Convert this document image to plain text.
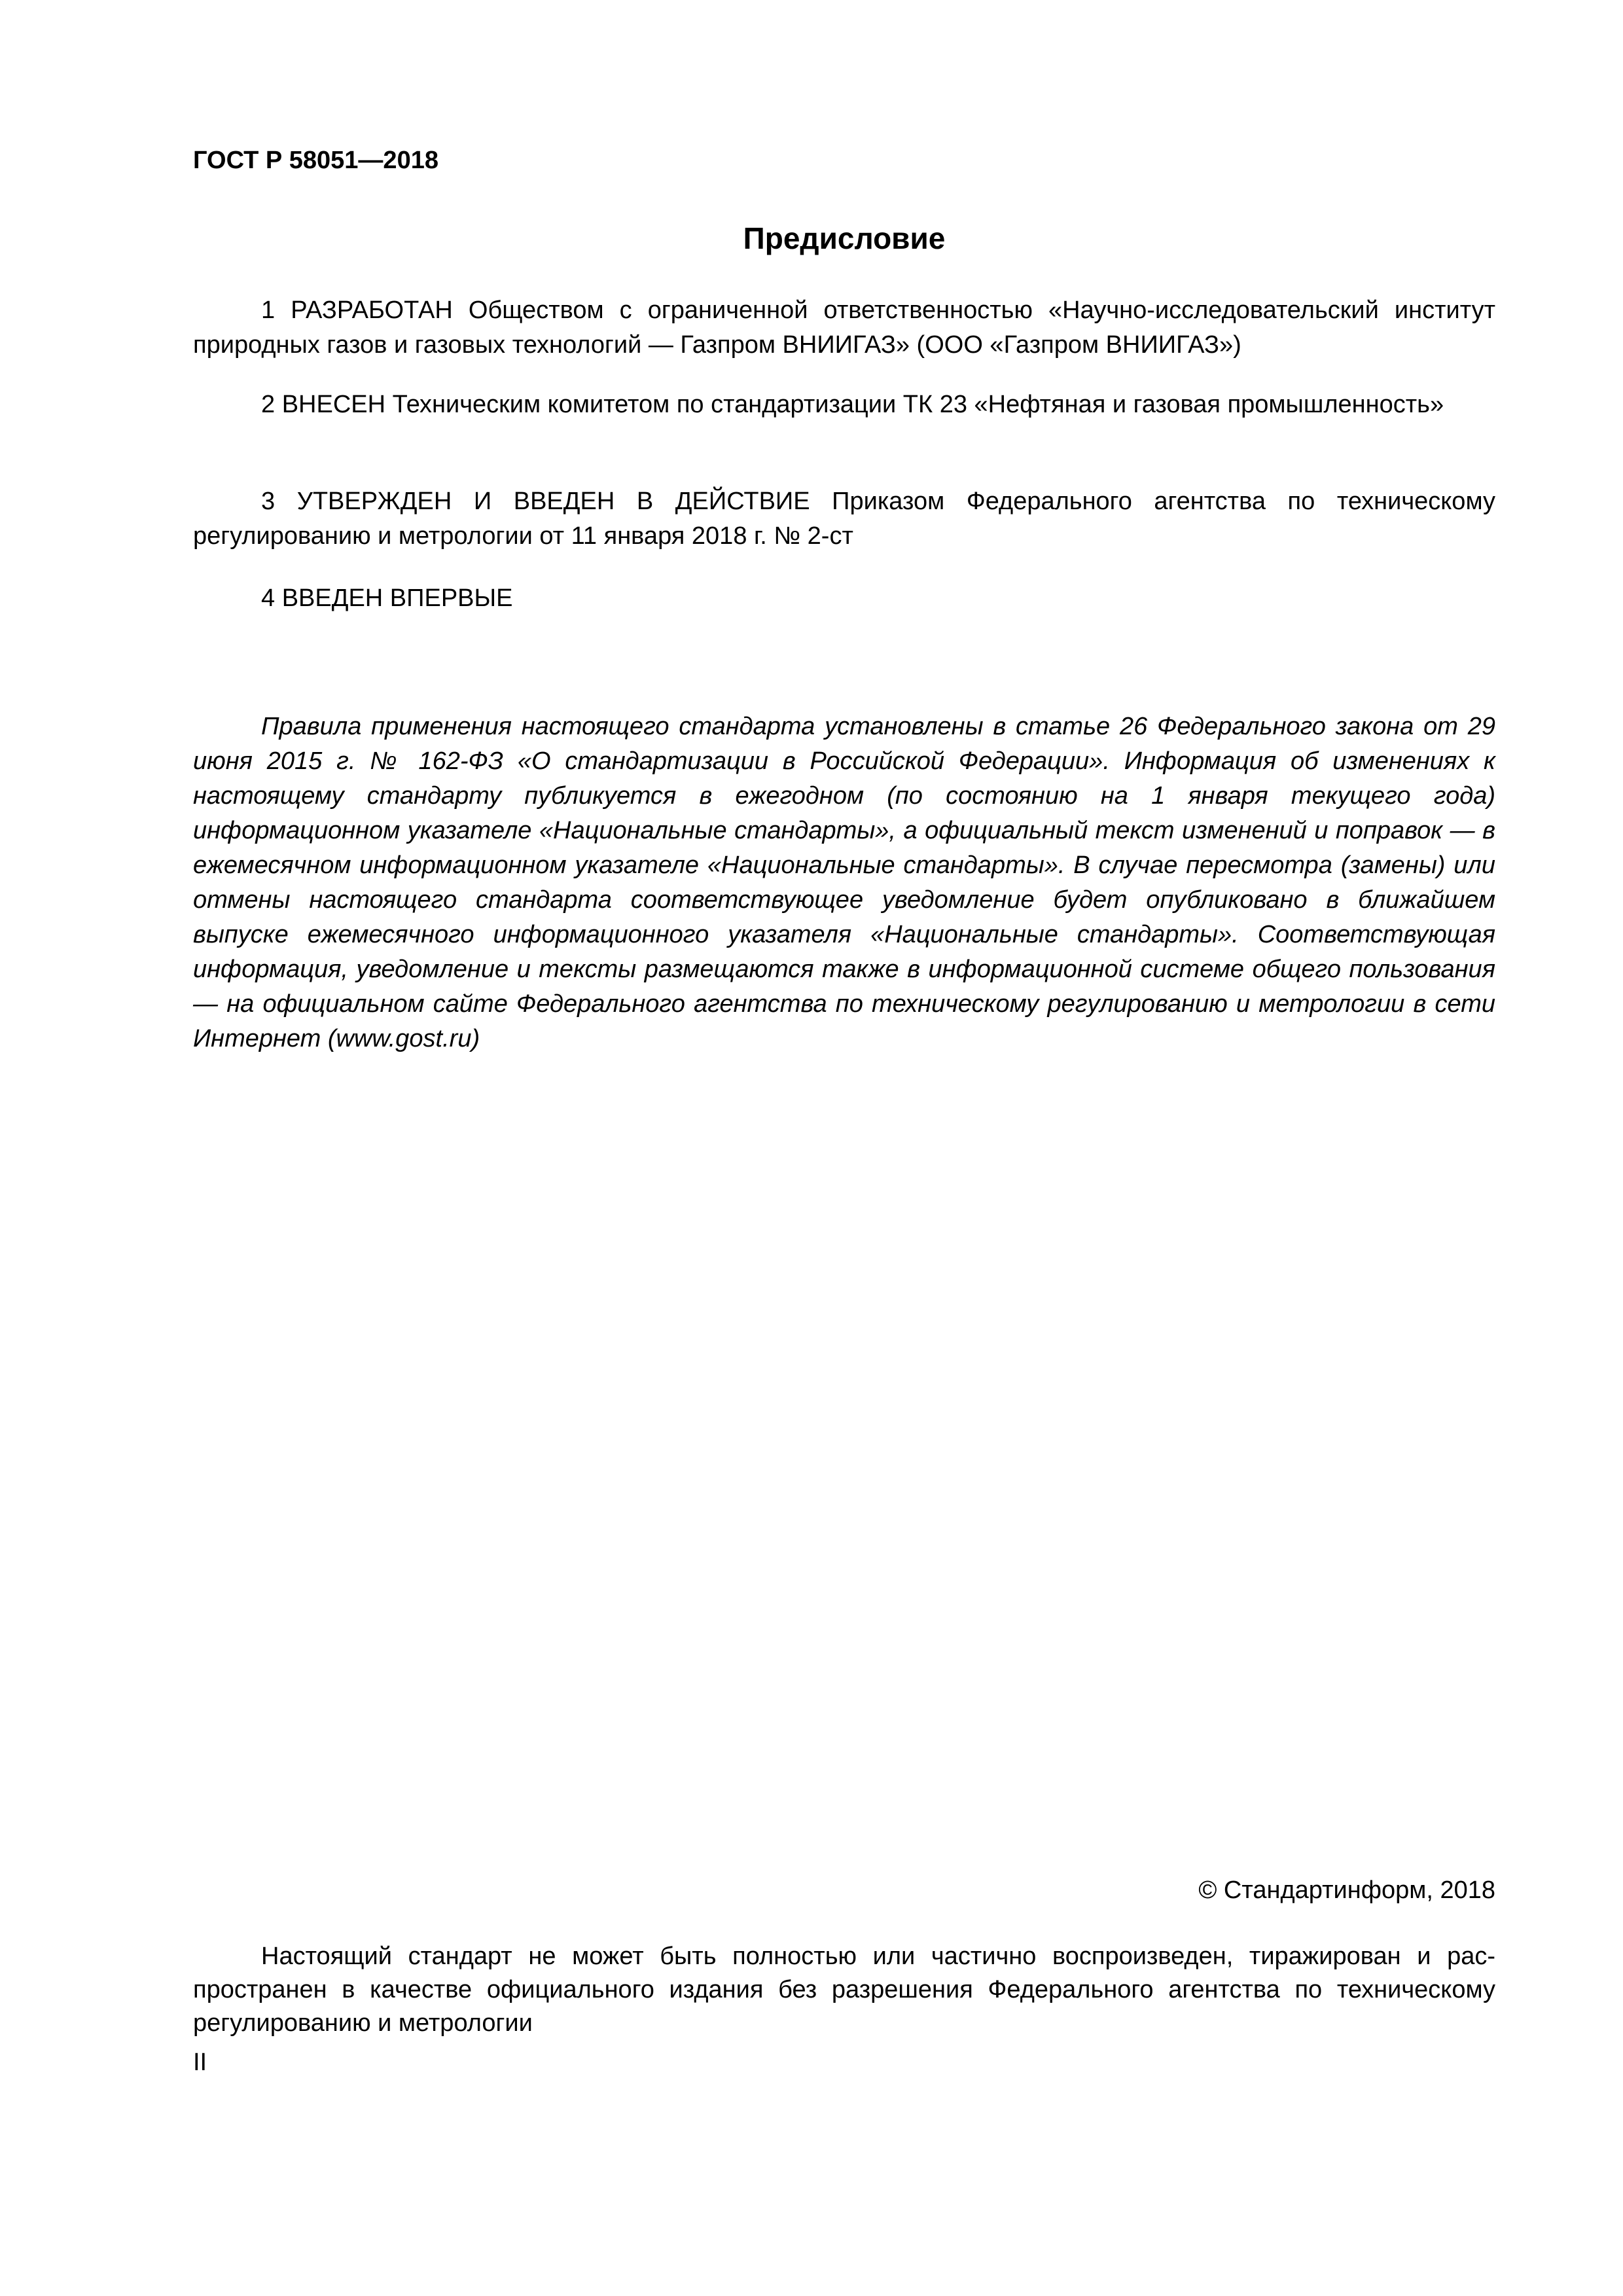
ГОСТ Р 58051—2018
Предисловие

1 РАЗРАБОТАН Обществом с ограниченной ответственностью «Научно-исследовательский институт природных газов и газовых технологий — Газпром ВНИИГАЗ» (ООО «Газпром ВНИИГАЗ»)

2 ВНЕСЕН Техническим комитетом по стандартизации ТК 23 «Нефтяная и газовая промышленность»

3 УТВЕРЖДЕН И ВВЕДЕН В ДЕЙСТВИЕ Приказом Федерального агентства по техническому регулированию и метрологии от 11 января 2018 г. № 2-ст

4 ВВЕДЕН ВПЕРВЫЕ

Правила применения настоящего стандарта установлены в статье 26 Федерального закона от 29 июня 2015 г. № 162-ФЗ «О стандартизации в Российской Федерации». Информация об изменениях к настоящему стандарту публикуется в ежегодном (по состоянию на 1 января текущего года) информационном указателе «Национальные стандарты», а официальный текст изменений и поправок — в ежемесячном информационном указателе «Национальные стандарты». В случае пересмотра (замены) или отмены настоящего стандарта соответствующее уведомление будет опубликовано в ближайшем выпуске ежемесячного информационного указателя «Национальные стандарты». Соответствующая информация, уведомление и тексты размещаются также в информационной системе общего пользования — на официальном сайте Федерального агентства по техническому регулированию и метрологии в сети Интернет (www.gost.ru)

© Стандартинформ, 2018

Настоящий стандарт не может быть полностью или частично воспроизведен, тиражирован и распространен в качестве официального издания без разрешения Федерального агентства по техническому регулированию и метрологии

II
